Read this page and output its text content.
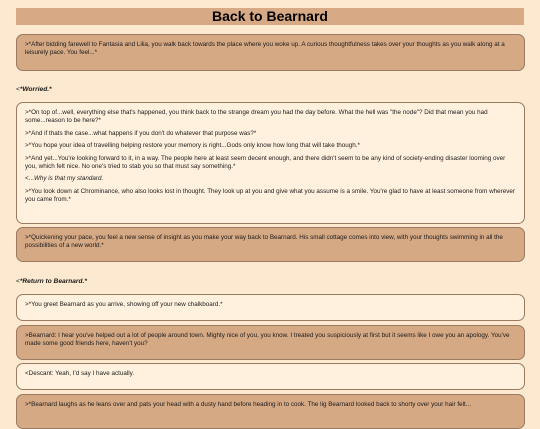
Back to Bearnard

>*After bidding farewell to Fantasia and Lilia, you walk back towards the place where you woke up. A curious thoughtfulness takes over your thoughts as you walk along at a leisurely pace. You feel...*

<*Worried.*

>*On top of...well, everything else that's happened, you think back to the strange dream you had the day before. What the hell was "the node"? Did that mean you had some...reason to be here?*

>*And if thats the case...what happens if you don't do whatever that purpose was?*

>*You hope your idea of travelling helping restore your memory is right...Gods only know how long that will take though.*

>*And yet...You're looking forward to it, in a way. The people here at least seem decent enough, and there didn't seem to be any kind of society-ending disaster looming over you, which felt nice. No one's tried to stab you so that must say something.*

<...Why is that my standard.

>*You look down at Chrominance, who also looks lost in thought. They look up at you and give what you assume is a smile. You're glad to have at least someone from wherever you came from.*

>*Quickening your pace, you feel a new sense of insight as you make your way back to Bearnard. His small cottage comes into view, with your thoughts swimming in all the possibilities of a new world.*

<*Return to Bearnard.*

>*You greet Bearnard as you arrive, showing off your new chalkboard.*

>Bearnard: I hear you've helped out a lot of people around town. Mighty nice of you, you know. I treated you suspiciously at first but it seems like I owe you an apology. You've made some good friends here, haven't you?

<Descant: Yeah, I'd say I have actually.

>*Bearnard laughs as he leans over and pats your head with a dusty hand before heading in to cook. The lig Bearnard looked back to shorty over your hair felt...
